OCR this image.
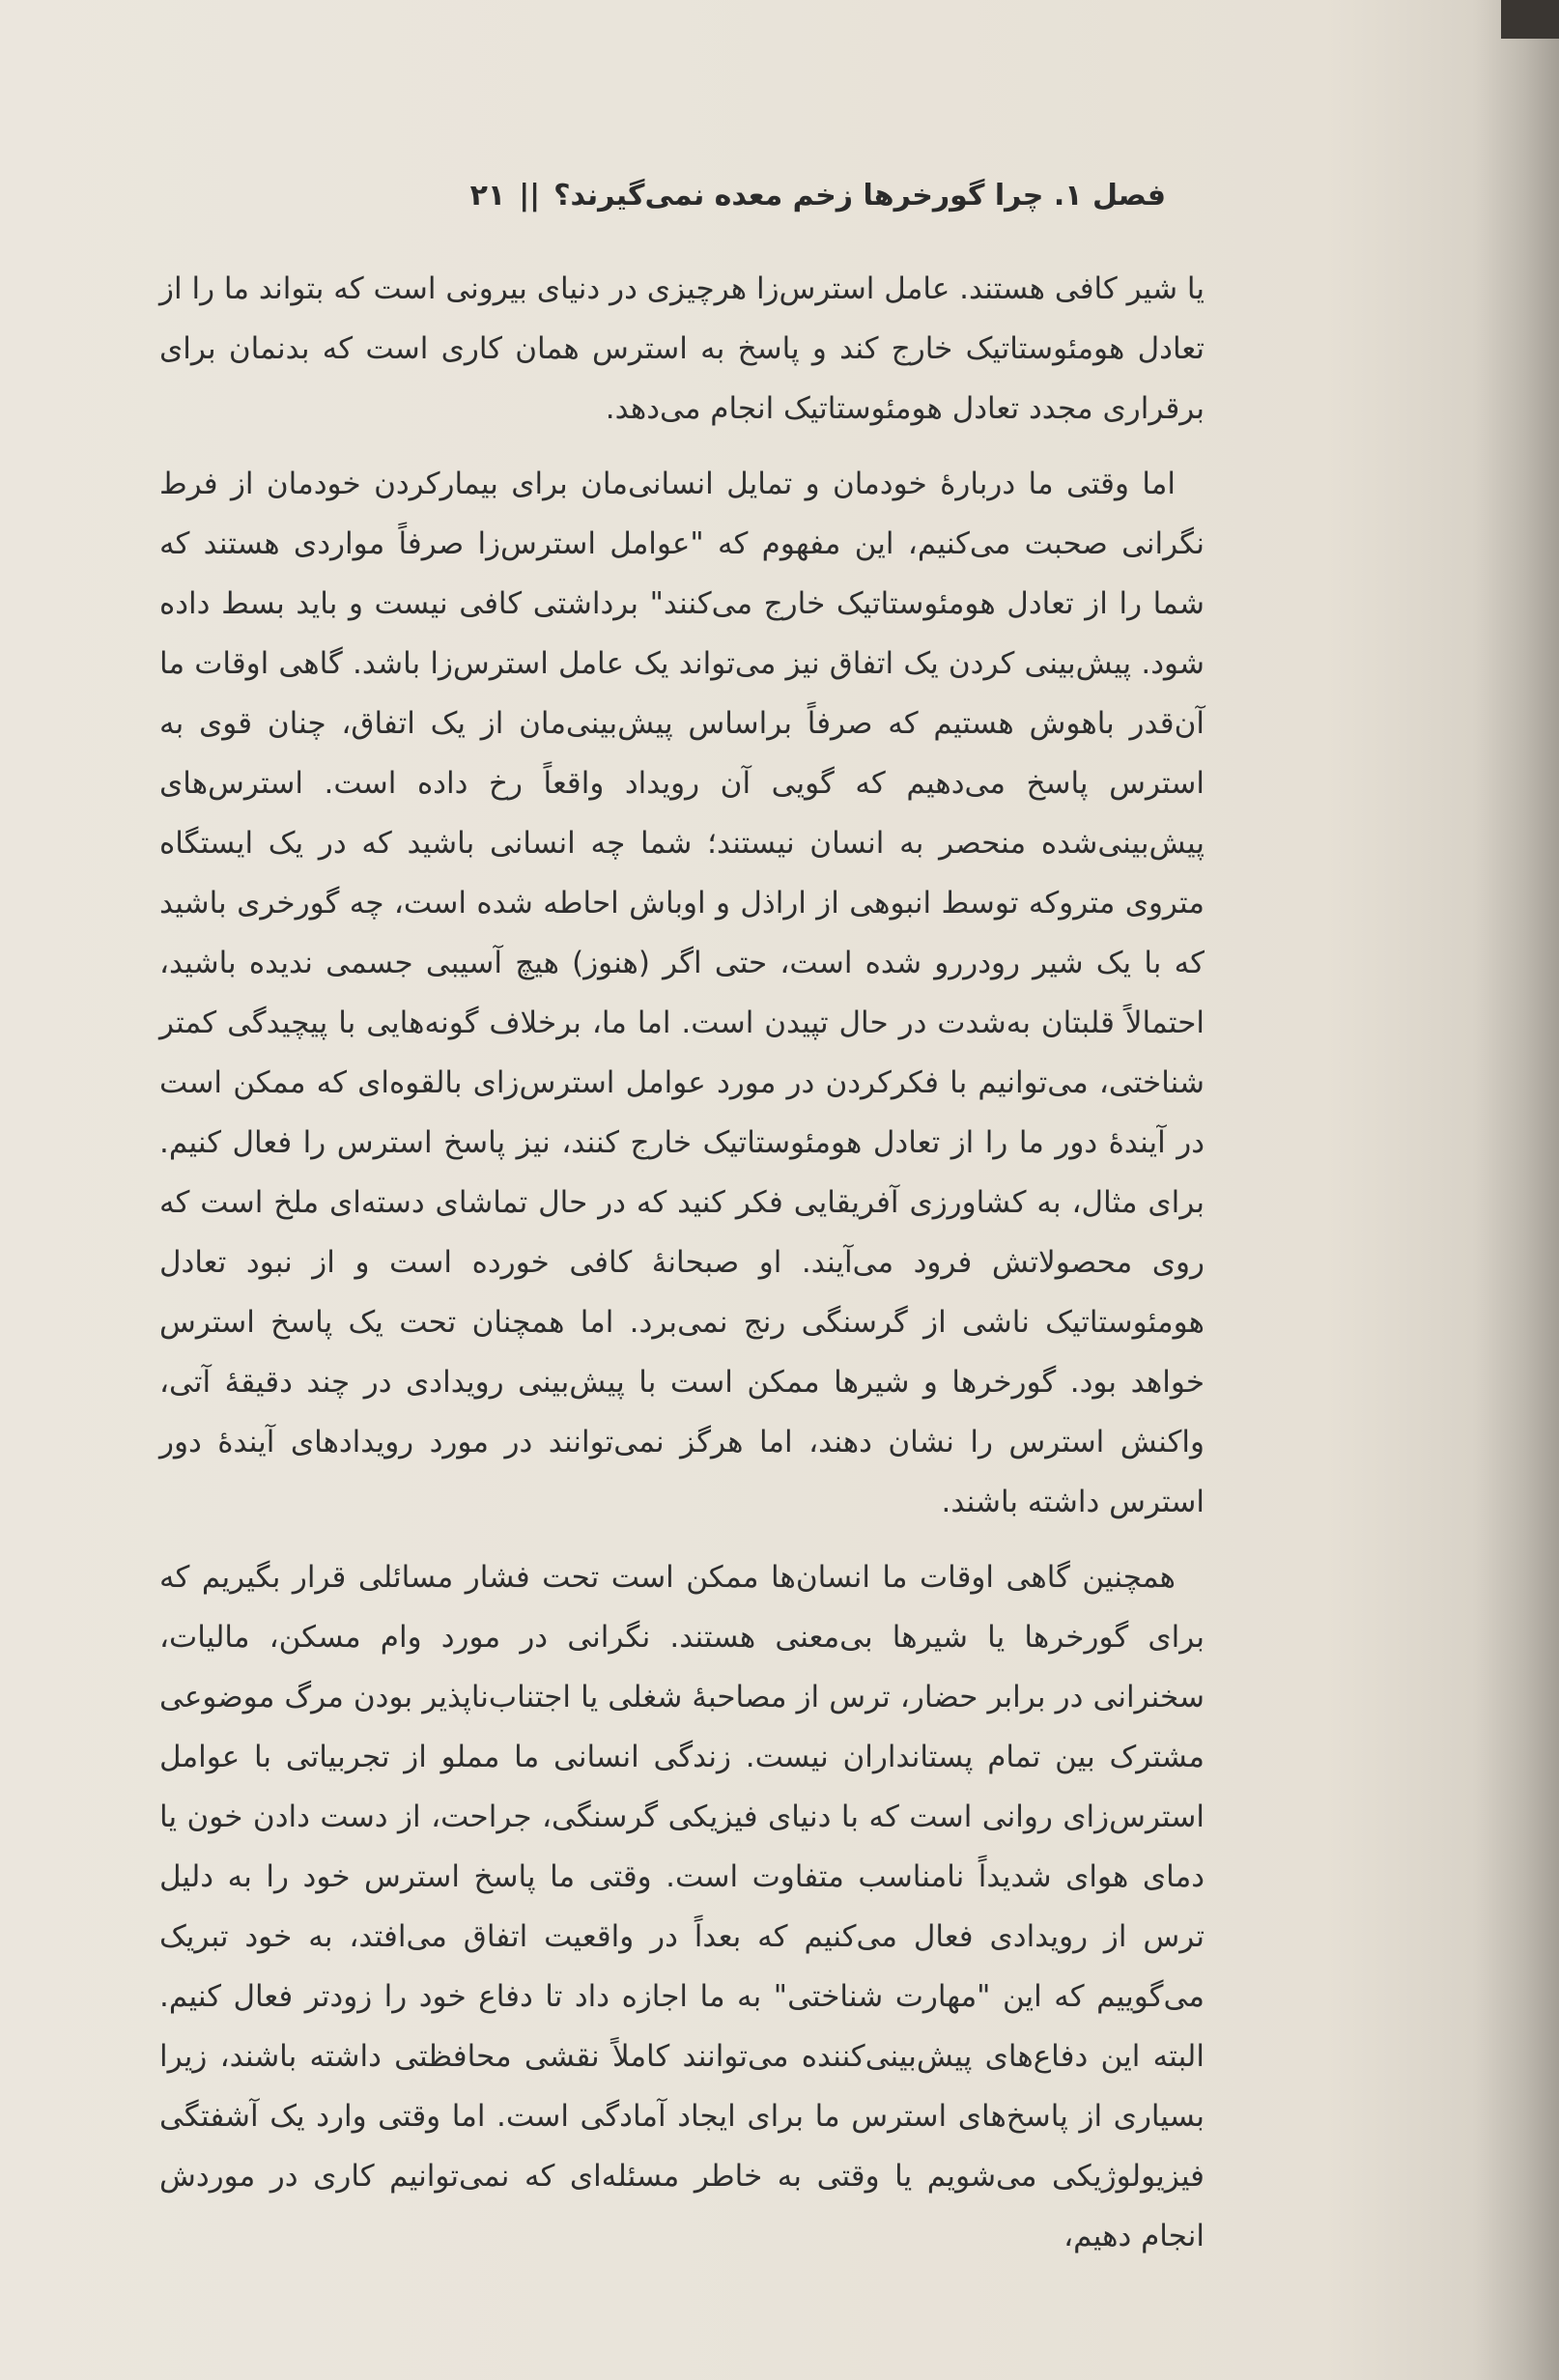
فصل ۱. چرا گورخرها زخم معده نمی‌گیرند؟||۲۱

یا شیر کافی هستند. عامل استرس‌زا هرچیزی در دنیای بیرونی است که بتواند ما را از تعادل هومئوستاتیک خارج کند و پاسخ به استرس همان کاری است که بدنمان برای برقراری مجدد تعادل هومئوستاتیک انجام می‌دهد.

اما وقتی ما دربارهٔ خودمان و تمایل انسانی‌مان برای بیمارکردن خودمان از فرط نگرانی صحبت می‌کنیم، این مفهوم که "عوامل استرس‌زا صرفاً مواردی هستند که شما را از تعادل هومئوستاتیک خارج می‌کنند" برداشتی کافی نیست و باید بسط داده شود. پیش‌بینی کردن یک اتفاق نیز می‌تواند یک عامل استرس‌زا باشد. گاهی اوقات ما آن‌قدر باهوش هستیم که صرفاً براساس پیش‌بینی‌مان از یک اتفاق، چنان قوی به استرس پاسخ می‌دهیم که گویی آن رویداد واقعاً رخ داده است. استرس‌های پیش‌بینی‌شده منحصر به انسان نیستند؛ شما چه انسانی باشید که در یک ایستگاه متروی متروکه توسط انبوهی از اراذل و اوباش احاطه شده است، چه گورخری باشید که با یک شیر رودررو شده است، حتی اگر (هنوز) هیچ آسیبی جسمی ندیده باشید، احتمالاً قلبتان به‌شدت در حال تپیدن است. اما ما، برخلاف گونه‌هایی با پیچیدگی کمتر شناختی، می‌توانیم با فکرکردن در مورد عوامل استرس‌زای بالقوه‌ای که ممکن است در آیندهٔ دور ما را از تعادل هومئوستاتیک خارج کنند، نیز پاسخ استرس را فعال کنیم. برای مثال، به کشاورزی آفریقایی فکر کنید که در حال تماشای دسته‌ای ملخ است که روی محصولاتش فرود می‌آیند. او صبحانهٔ کافی خورده است و از نبود تعادل هومئوستاتیک ناشی از گرسنگی رنج نمی‌برد. اما همچنان تحت یک پاسخ استرس خواهد بود. گورخرها و شیرها ممکن است با پیش‌بینی رویدادی در چند دقیقهٔ آتی، واکنش استرس را نشان دهند، اما هرگز نمی‌توانند در مورد رویدادهای آیندهٔ دور استرس داشته باشند.

همچنین گاهی اوقات ما انسان‌ها ممکن است تحت فشار مسائلی قرار بگیریم که برای گورخرها یا شیرها بی‌معنی هستند. نگرانی در مورد وام مسکن، مالیات، سخنرانی در برابر حضار، ترس از مصاحبهٔ شغلی یا اجتناب‌ناپذیر بودن مرگ موضوعی مشترک بین تمام پستانداران نیست. زندگی انسانی ما مملو از تجربیاتی با عوامل استرس‌زای روانی است که با دنیای فیزیکی گرسنگی، جراحت، از دست دادن خون یا دمای هوای شدیداً نامناسب متفاوت است. وقتی ما پاسخ استرس خود را به دلیل ترس از رویدادی فعال می‌کنیم که بعداً در واقعیت اتفاق می‌افتد، به خود تبریک می‌گوییم که این "مهارت شناختی" به ما اجازه داد تا دفاع خود را زودتر فعال کنیم. البته این دفاع‌های پیش‌بینی‌کننده می‌توانند کاملاً نقشی محافظتی داشته باشند، زیرا بسیاری از پاسخ‌های استرس ما برای ایجاد آمادگی است. اما وقتی وارد یک آشفتگی فیزیولوژیکی می‌شویم یا وقتی به خاطر مسئله‌ای که نمی‌توانیم کاری در موردش انجام دهیم،
